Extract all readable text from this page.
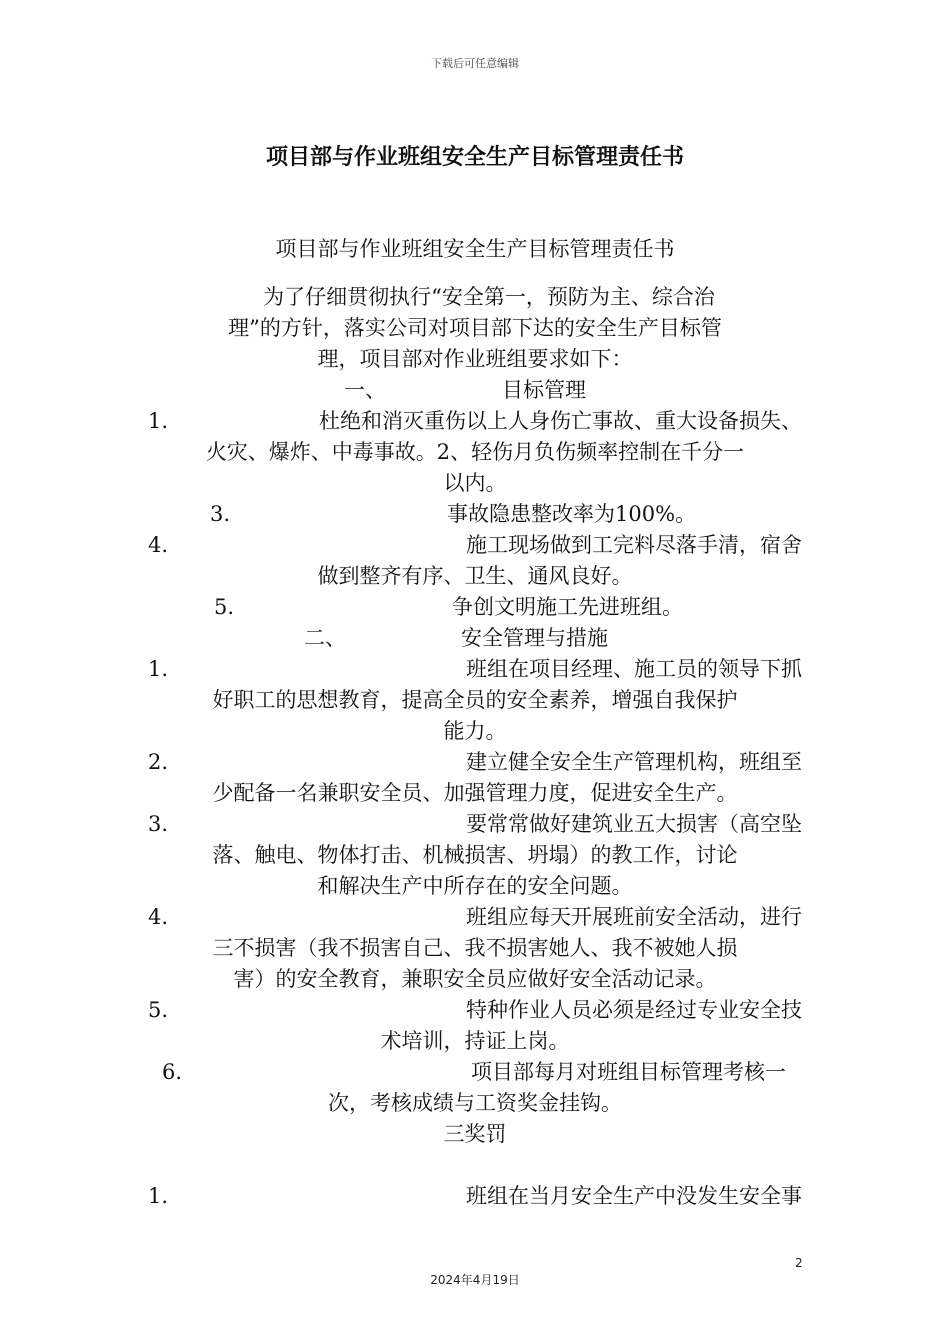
下载后可任意编辑
项目部与作业班组安全生产目标管理责任书
项目部与作业班组安全生产目标管理责任书
为了仔细贯彻执行“安全第一，预防为主、综合治
理”的方针，落实公司对项目部下达的安全生产目标管
理，项目部对作业班组要求如下：
一、	目标管理
1.	杜绝和消灭重伤以上人身伤亡事故、重大设备损失、
火灾、爆炸、中毒事故。2、轻伤月负伤频率控制在千分一
以内。
3.	事故隐患整改率为100%。
4.	施工现场做到工完料尽落手清，宿舍
做到整齐有序、卫生、通风良好。
5.	争创文明施工先进班组。
二、	安全管理与措施
1.	班组在项目经理、施工员的领导下抓
好职工的思想教育，提高全员的安全素养，增强自我保护
能力。
2.	建立健全安全生产管理机构，班组至
少配备一名兼职安全员、加强管理力度，促进安全生产。
3.	要常常做好建筑业五大损害（高空坠
落、触电、物体打击、机械损害、坍塌）的教工作，讨论
和解决生产中所存在的安全问题。
4.	班组应每天开展班前安全活动，进行
三不损害（我不损害自己、我不损害她人、我不被她人损
害）的安全教育，兼职安全员应做好安全活动记录。
5.	特种作业人员必须是经过专业安全技
术培训，持证上岗。
6.	项目部每月对班组目标管理考核一
次，考核成绩与工资奖金挂钩。
三奖罚
1.	班组在当月安全生产中没发生安全事
2
2024年4月19日
